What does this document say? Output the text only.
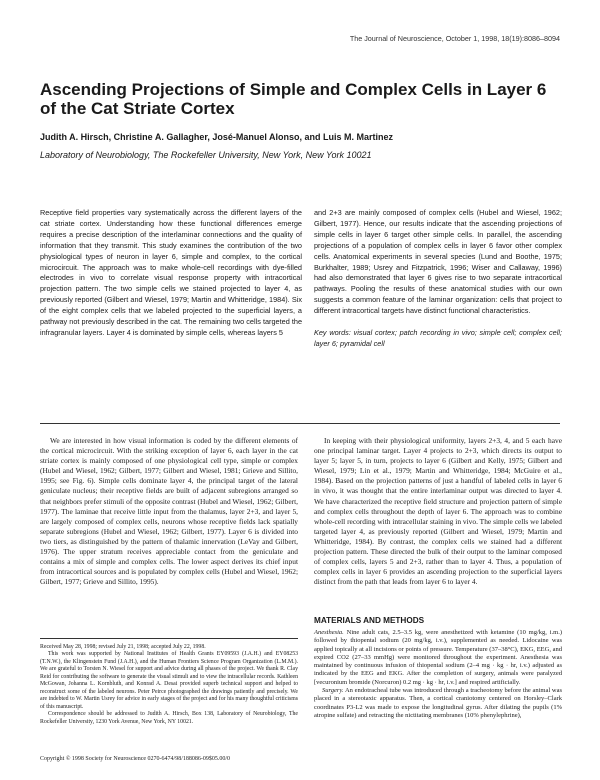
The Journal of Neuroscience, October 1, 1998, 18(19):8086–8094
Ascending Projections of Simple and Complex Cells in Layer 6 of the Cat Striate Cortex
Judith A. Hirsch, Christine A. Gallagher, José-Manuel Alonso, and Luis M. Martinez
Laboratory of Neurobiology, The Rockefeller University, New York, New York 10021

Receptive field properties vary systematically across the different layers of the cat striate cortex. Understanding how these functional differences emerge requires a precise description of the interlaminar connections and the quality of information that they transmit. This study examines the contribution of the two physiological types of neuron in layer 6, simple and complex, to the cortical microcircuit. The approach was to make whole-cell recordings with dye-filled electrodes in vivo to correlate visual response property with intracortical projection pattern. The two simple cells we stained projected to layer 4, as previously reported (Gilbert and Wiesel, 1979; Martin and Whitteridge, 1984). Six of the eight complex cells that we labeled projected to the superficial layers, a pathway not previously described in the cat. The remaining two cells targeted the infragranular layers. Layer 4 is dominated by simple cells, whereas layers 5

and 2+3 are mainly composed of complex cells (Hubel and Wiesel, 1962; Gilbert, 1977). Hence, our results indicate that the ascending projections of simple cells in layer 6 target other simple cells. In parallel, the ascending projections of a population of complex cells in layer 6 favor other complex cells. Anatomical experiments in several species (Lund and Boothe, 1975; Burkhalter, 1989; Usrey and Fitzpatrick, 1996; Wiser and Callaway, 1996) had also demonstrated that layer 6 gives rise to two separate intracortical pathways. Pooling the results of these anatomical studies with our own suggests a common feature of the laminar organization: cells that project to different intracortical targets have distinct functional characteristics.

Key words: visual cortex; patch recording in vivo; simple cell; complex cell; layer 6; pyramidal cell

We are interested in how visual information is coded by the different elements of the cortical microcircuit. With the striking exception of layer 6, each layer in the cat striate cortex is mainly composed of one physiological cell type, simple or complex (Hubel and Wiesel, 1962; Gilbert, 1977; Gilbert and Wiesel, 1981; Grieve and Sillito, 1995; see Fig. 6). Simple cells dominate layer 4, the principal target of the lateral geniculate nucleus; their receptive fields are built of adjacent subregions arranged so that neighbors prefer stimuli of the opposite contrast (Hubel and Wiesel, 1962; Gilbert, 1977). The laminae that receive little input from the thalamus, layer 2+3, and layer 5, are largely composed of complex cells, neurons whose receptive fields lack spatially separate subregions (Hubel and Wiesel, 1962; Gilbert, 1977). Layer 6 is divided into two tiers, as distinguished by the pattern of thalamic innervation (LeVay and Gilbert, 1976). The upper stratum receives appreciable contact from the geniculate and contains a mix of simple and complex cells. The lower aspect derives its chief input from intracortical sources and is populated by complex cells (Hubel and Wiesel, 1962; Gilbert, 1977; Grieve and Sillito, 1995).

In keeping with their physiological uniformity, layers 2+3, 4, and 5 each have one principal laminar target. Layer 4 projects to 2+3, which directs its output to layer 5; layer 5, in turn, projects to layer 6 (Gilbert and Kelly, 1975; Gilbert and Wiesel, 1979; Lin et al., 1979; Martin and Whitteridge, 1984; McGuire et al., 1984). Based on the projection patterns of just a handful of labeled cells in layer 6 in vivo, it was thought that the entire interlaminar output was directed to layer 4. We have characterized the receptive field structure and projection pattern of simple and complex cells throughout the depth of layer 6. The approach was to combine whole-cell recording with intracellular staining in vivo. The simple cells we labeled targeted layer 4, as previously reported (Gilbert and Wiesel, 1979; Martin and Whitteridge, 1984). By contrast, the complex cells we stained had a different projection pattern. These directed the bulk of their output to the laminar composed of complex cells, layers 5 and 2+3, rather than to layer 4. Thus, a population of complex cells in layer 6 provides an ascending projection to the superficial layers distinct from the path that leads from layer 6 to layer 4.

Received May 28, 1998; revised July 21, 1998; accepted July 22, 1998.

This work was supported by National Institutes of Health Grants EY09593 (J.A.H.) and EY08253 (T.N.W.), the Klingenstein Fund (J.A.H.), and the Human Frontiers Science Program Organization (L.M.M.). We are grateful to Torsten N. Wiesel for support and advice during all phases of the project. We thank R. Clay Reid for contributing the software to generate the visual stimuli and to view the intracellular records. Kathleen McGowan, Johanna L. Kornbluth, and Konrad A. Desai provided superb technical support and helped to reconstruct some of the labeled neurons. Peter Peirce photographed the drawings patiently and precisely. We are indebted to W. Martin Usrey for advice in early stages of the project and for his many thoughtful criticisms of this manuscript.

Correspondence should be addressed to Judith A. Hirsch, Box 138, Laboratory of Neurobiology, The Rockefeller University, 1230 York Avenue, New York, NY 10021.

Copyright © 1998 Society for Neuroscience 0270-6474/98/188086-09$05.00/0
MATERIALS AND METHODS

Anesthesia. Nine adult cats, 2.5–3.5 kg, were anesthetized with ketamine (10 mg/kg, i.m.) followed by thiopental sodium (20 mg/kg, i.v.), supplemented as needed. Lidocaine was applied topically at all incisions or points of pressure. Temperature (37–38°C), EKG, EEG, and expired CO2 (27–33 mmHg) were monitored throughout the experiment. Anesthesia was maintained by continuous infusion of thiopental sodium (2–4 mg · kg · hr, i.v.) adjusted as indicated by the EEG and EKG. After the completion of surgery, animals were paralyzed [vecuronium bromide (Norcuron) 0.2 mg · kg · hr, i.v.] and respired artificially.

Surgery. An endotracheal tube was introduced through a tracheotomy before the animal was placed in a stereotaxic apparatus. Then, a cortical craniotomy centered on Horsley–Clark coordinates P3-L2 was made to expose the longitudinal gyrus. After dilating the pupils (1% atropine sulfate) and retracting the nictitating membranes (10% phenylephrine),
